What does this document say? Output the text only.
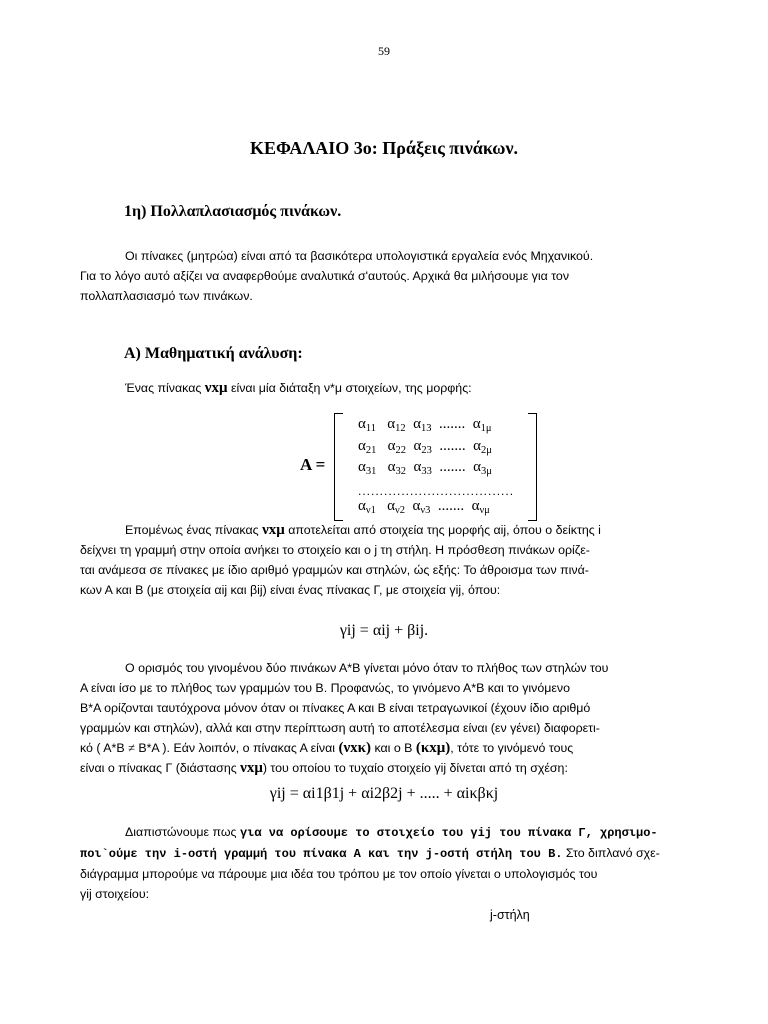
59
ΚΕΦΑΛΑΙΟ 3ο: Πράξεις πινάκων.
1η) Πολλαπλασιασμός πινάκων.

Οι πίνακες (μητρώα) είναι από τα βασικότερα υπολογιστικά εργαλεία ενός Μηχανικού.

Για το λόγο αυτό αξίζει να αναφερθούμε αναλυτικά σ'αυτούς. Αρχικά θα μιλήσουμε για τον
πολλαπλασιασμό των πινάκων.
Α) Μαθηματική ανάλυση:

Ένας πίνακας νxμ είναι μία διάταξη ν*μ στοιχείων, της μορφής:

A =
α11 α12 α13 ....... α1μ
α21 α22 α23 ....... α2μ
α31 α32 α33 ....... α3μ
....................................
αν1 αν2 αν3 ....... ανμ

Επομένως ένας πίνακας νxμ αποτελείται από στοιχεία της μορφής αij, όπου ο δείκτης i

δείχνει τη γραμμή στην οποία ανήκει το στοιχείο και ο j τη στήλη. Η πρόσθεση πινάκων ορίζε-
ται ανάμεσα σε πίνακες με ίδιο αριθμό γραμμών και στηλών, ώς εξής: Το άθροισμα των πινά-
κων Α και Β (με στοιχεία αij και βij) είναι ένας πίνακας Γ, με στοιχεία γij, όπου:
γij = αij + βij.

Ο ορισμός του γινομένου δύο πινάκων Α*Β γίνεται μόνο όταν το πλήθος των στηλών του

Α είναι ίσο με το πλήθος των γραμμών του Β. Προφανώς, το γινόμενο Α*Β και το γινόμενο
Β*Α ορίζονται ταυτόχρονα μόνον όταν οι πίνακες Α και Β είναι τετραγωνικοί (έχουν ίδιο αριθμό
γραμμών και στηλών), αλλά και στην περίπτωση αυτή το αποτέλεσμα είναι (εν γένει) διαφορετι-
κό ( Α*Β ≠ Β*Α ). Εάν λοιπόν, ο πίνακας Α είναι (νxκ) και ο Β (κxμ), τότε το γινόμενό τους
είναι ο πίνακας Γ (διάστασης νxμ) του οποίου το τυχαίο στοιχείο γij δίνεται από τη σχέση:
γij = αi1β1j + αi2β2j + ..... + αiκβκj

Διαπιστώνουμε πως για να ορίσουμε το στοιχείο του γij του πίνακα Γ, χρησιμο-

ποι`ούμε την i-οστή γραμμή του πίνακα Α και την j-οστή στήλη του Β. Στο διπλανό σχε-
διάγραμμα μπορούμε να πάρουμε μια ιδέα του τρόπου με τον οποίο γίνεται ο υπολογισμός του
γij στοιχείου:
j-στήλη
